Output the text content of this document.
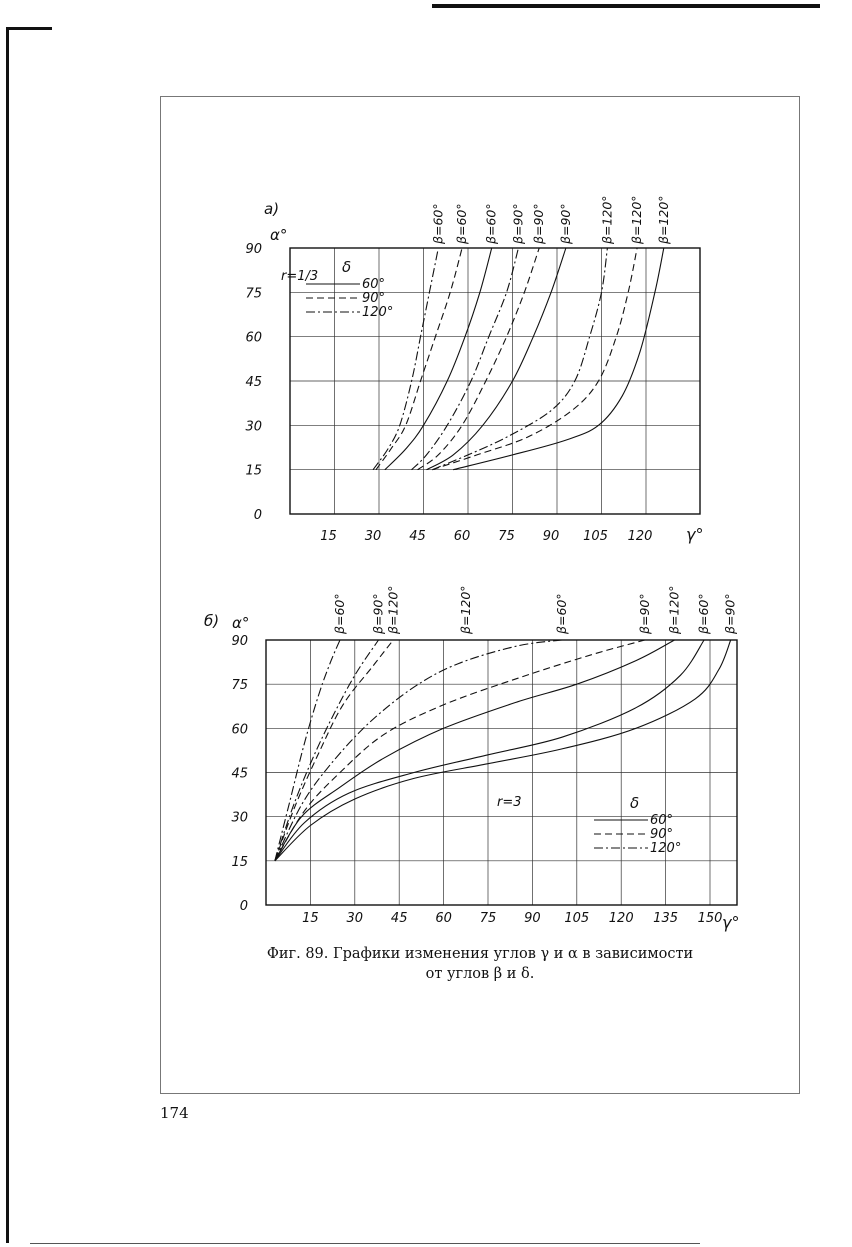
15 30 45 60 75 90 105 120
0
15
30
45
60
75
90
α°
γ°
а)	β=60° β=60° β=60° β=90° β=90° β=90° β=120° β=120° β=120°
r=1/3
δ
60°
90°
120°
15 30 45 60 75 90 105 120 135 150
0
15
30
45
60
75
90
α°
γ°
б)	β=60° β=90° β=120°	β=60°	β=90° β=120° β=60° β=90°
β=120°
r=3	δ
60°
90°
120°
Фиг. 89. Графики изменения углов γ и α в зависимости
от углов β и δ.
174
